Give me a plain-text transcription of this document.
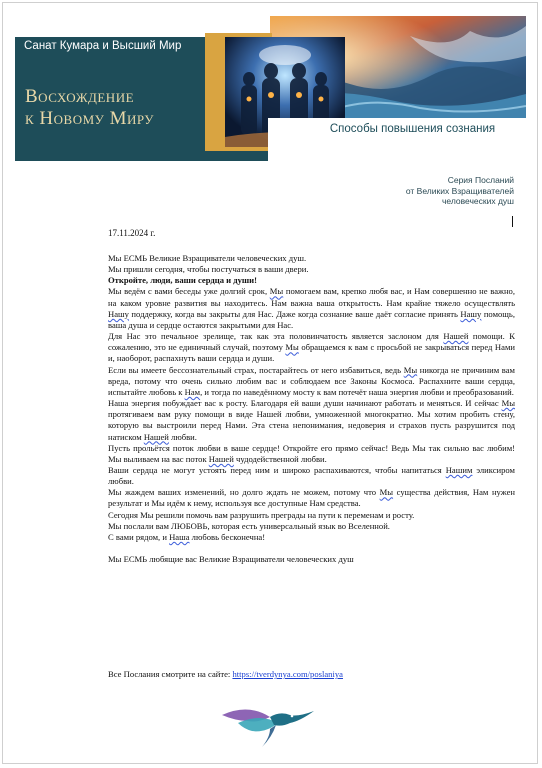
Санат Кумара и Высший Мир
Восхождение
к Новому Миру	Способы повышения сознания
Серия Посланий
от Великих Взращивателей
человеческих душ
17.11.2024 г.

Мы ЕСМЬ Великие Взращиватели человеческих душ.

Мы пришли сегодня, чтобы постучаться в ваши двери.

Откройте, люди, ваши сердца и души!

Мы ведём с вами беседы уже долгий срок, Мы помогаем вам, крепко любя вас, и Нам совершенно не важно, на каком уровне развития вы находитесь. Нам важна ваша открытость. Нам крайне тяжело осуществлять Нашу поддержку, когда вы закрыты для Нас. Даже когда сознание ваше даёт согласие принять Нашу помощь, ваша душа и сердце остаются закрытыми для Нас.

Для Нас это печальное зрелище, так как эта половинчатость является заслоном для Нашей помощи. К сожалению, это не единичный случай, поэтому Мы обращаемся к вам с просьбой не закрываться перед Нами и, наоборот, распахнуть ваши сердца и души.

Если вы имеете бессознательный страх, постарайтесь от него избавиться, ведь Мы никогда не причиним вам вреда, потому что очень сильно любим вас и соблюдаем все Законы Космоса. Распахните ваши сердца, испытайте любовь к Нам, и тогда по наведённому мосту к вам потечёт наша энергия любви и преобразований.

Наша энергия побуждает вас к росту. Благодаря ей ваши души начинают работать и меняться. И сейчас Мы протягиваем вам руку помощи в виде Нашей любви, умноженной многократно. Мы хотим пробить стену, которую вы выстроили перед Нами. Эта стена непонимания, недоверия и страхов пусть разрушится под натиском Нашей любви.

Пусть прольётся поток любви в ваше сердце! Откройте его прямо сейчас! Ведь Мы так сильно вас любим! Мы выливаем на вас поток Нашей чудодейственной любви.

Ваши сердца не могут устоять перед ним и широко распахиваются, чтобы напитаться Нашим эликсиром любви.

Мы жаждем ваших изменений, но долго ждать не можем, потому что Мы существа действия, Нам нужен результат и Мы идём к нему, используя все доступные Нам средства.

Сегодня Мы решили помочь вам разрушить преграды на пути к переменам и росту.

Мы послали вам ЛЮБОВЬ, которая есть универсальный язык во Вселенной.

С вами рядом, и Наша любовь бесконечна!

Мы ЕСМЬ любящие вас Великие Взращиватели человеческих душ

Все Послания смотрите на сайте: https://tverdynya.com/poslaniya
